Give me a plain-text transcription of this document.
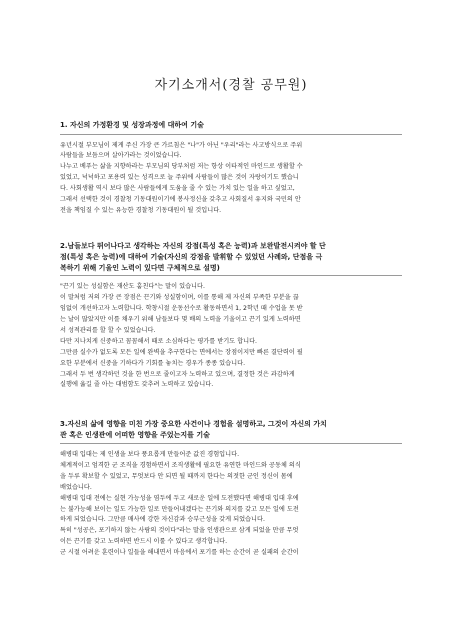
자기소개서(경찰 공무원)
1. 자신의 가정환경 및 성장과정에 대하여 기술

유년시절 부모님이 제게 주신 가장 큰 가르침은 "나"가 아닌 "우리"라는 사고방식으로 주위
사람들을 보듬으며 살아가라는 것이었습니다.
나누고 베푸는 삶을 지향하라는 부모님의 당부처럼 저는 항상 이타적인 마인드로 생활할 수
있었고, 넉넉하고 포용력 있는 성격으로 늘 주위에 사람들이 많은 것이 자랑이기도 했습니
다. 사회생활 역시 보다 많은 사람들에게 도움을 줄 수 있는 가치 있는 일을 하고 싶었고,
그래서 선택한 것이 경찰청 기동대원이기에 봉사정신을 갖추고 사회질서 유지와 국민의 안
전을 책임질 수 있는 유능한 경찰청 기동대원이 될 것입니다.

2.남들보다 뛰어나다고 생각하는 자신의 강점(특성 혹은 능력)과 보완발전시켜야 할 단
점(특성 혹은 능력)에 대하여 기술(자신의 강점을 발휘할 수 있었던 사례와, 단점을 극
복하기 위해 기울인 노력이 있다면 구체적으로 설명)

"끈기 있는 성실함은 재산도 훔친다"는 말이 있습니다.
이 말처럼 저의 가장 큰 장점은 끈기와 성실함이며, 이를 통해 제 자신의 부족한 부분을 끊
임없이 개선하고자 노력합니다. 학창시절 운동선수로 활동하면서 1, 2학년 때 수업을 못 받
는 날이 많았지만 이를 채우기 위해 남들보다 몇 배의 노력을 기울이고 끈기 있게 노력하면
서 성적관리를 할 할 수 있었습니다.
다만 지나치게 신중하고 꼼꼼해서 때로 소심하다는 평가를 받기도 합니다.
그만큼 실수가 없도록 모든 일에 완벽을 추구한다는 면에서는 장점이지만 빠른 결단력이 필
요한 부분에서 신중을 기하다가 기회를 놓치는 경우가 종종 있습니다.
그래서 두 번 생각하던 것을 한 번으로 줄이고자 노력하고 있으며, 결정한 것은 과감하게
실행에 옮길 줄 아는 대범함도 갖추려 노력하고 있습니다.

3.자신의 삶에 영향을 미친 가장 중요한 사건이나 경험을 설명하고, 그것이 자신의 가치
관 혹은 인생관에 어떠한 영향을 주었는지를 기술

해병대 입대는 제 인생을 보다 풍요롭게 만들어준 값진 경험입니다.
체계적이고 엄격한 군 조직을 경험하면서 조직생활에 필요한 유연한 마인드와 공동체 의식
을 두루 확보할 수 있었고, 무엇보다 안 되면 될 때까지 한다는 의젓한 군인 정신이 몸에
배었습니다.
해병대 입대 전에는 실현 가능성을 염두에 두고 새로운 일에 도전했다면 해병대 입대 후에
는 불가능해 보이는 일도 가능한 일로 만들어내겠다는 끈기와 의지를 갖고 모든 일에 도전
하게 되었습니다. 그만큼 매사에 강한 자신감과 승부근성을 갖게 되었습니다.
특히 "성공은, 포기하지 않는 사람의 것이다"라는 말을 인생관으로 삼게 되었을 만큼 무엇
이든 끈기를 갖고 노력하면 반드시 이룰 수 있다고 생각합니다.
군 시절 어려운 훈련이나 일들을 해내면서 마음에서 포기를 하는 순간이 곧 실패의 순간이
